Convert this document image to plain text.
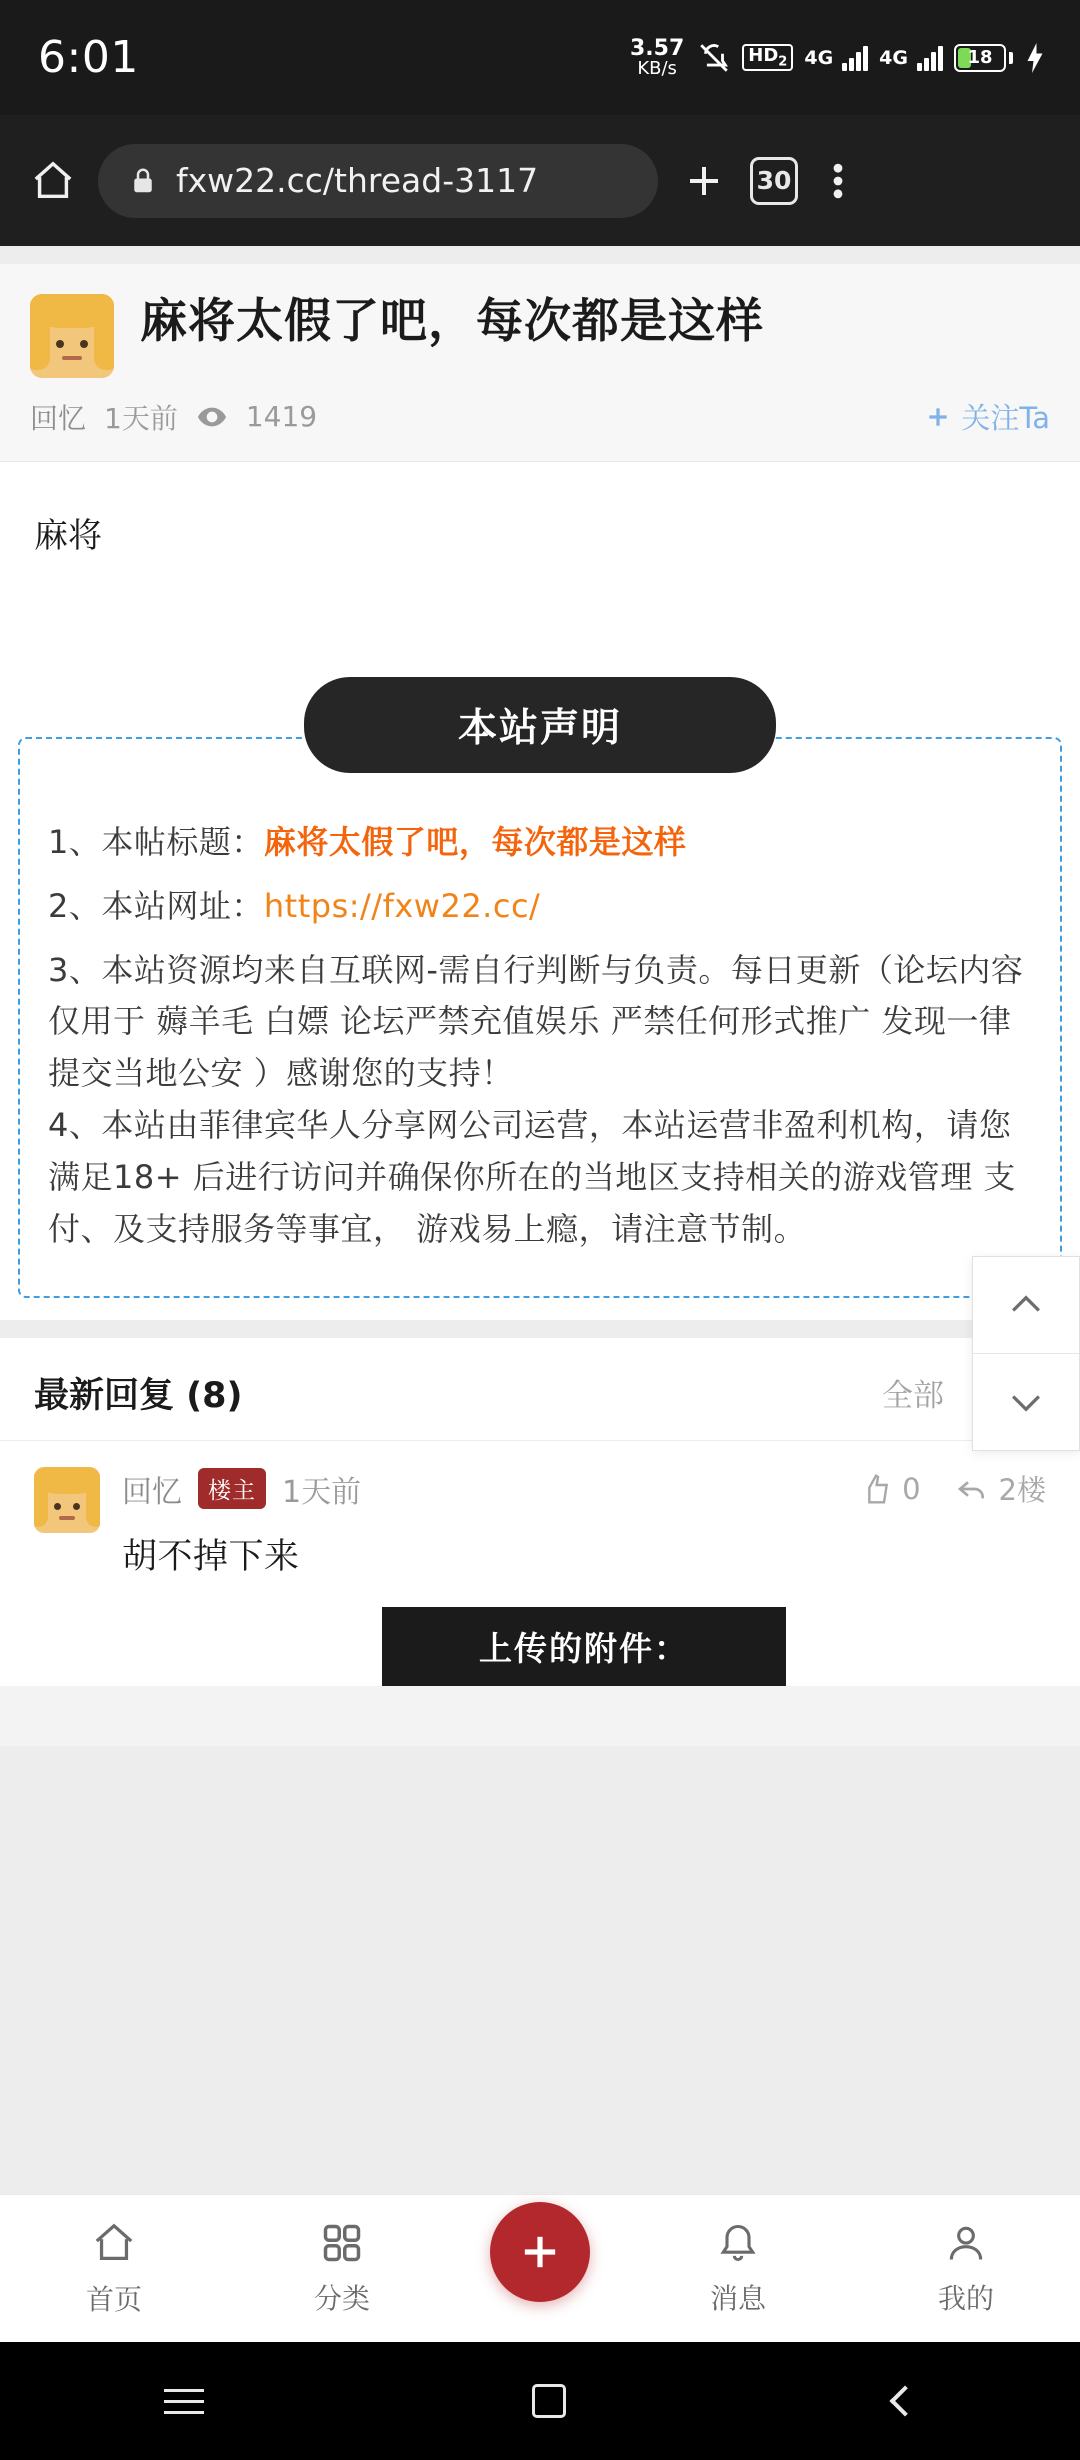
6:01	3.57
KB/s
$HD_2$ 4G 4G	18
fxw22.cc/thread-3117	30
麻将太假了吧，每次都是这样
回忆 1天前 1419	关注Ta
麻将
本站声明
1、本帖标题：麻将太假了吧，每次都是这样
2、本站网址：https://fxw22.cc/
3、本站资源均来自互联网-需自行判断与负责。每日更新（论坛内容仅用于 薅羊毛 白嫖 论坛严禁充值娱乐 严禁任何形式推广 发现一律提交当地公安 ）感谢您的支持！
4、本站由菲律宾华人分享网公司运营，本站运营非盈利机构，请您满足18+ 后进行访问并确保你所在的当地区支持相关的游戏管理 支付、及支持服务等事宜， 游戏易上瘾，请注意节制。
最新回复 (8)	全部
回忆	楼主 1天前	0	2楼
胡不掉下来
上传的附件：
首页	分类	消息	我的
